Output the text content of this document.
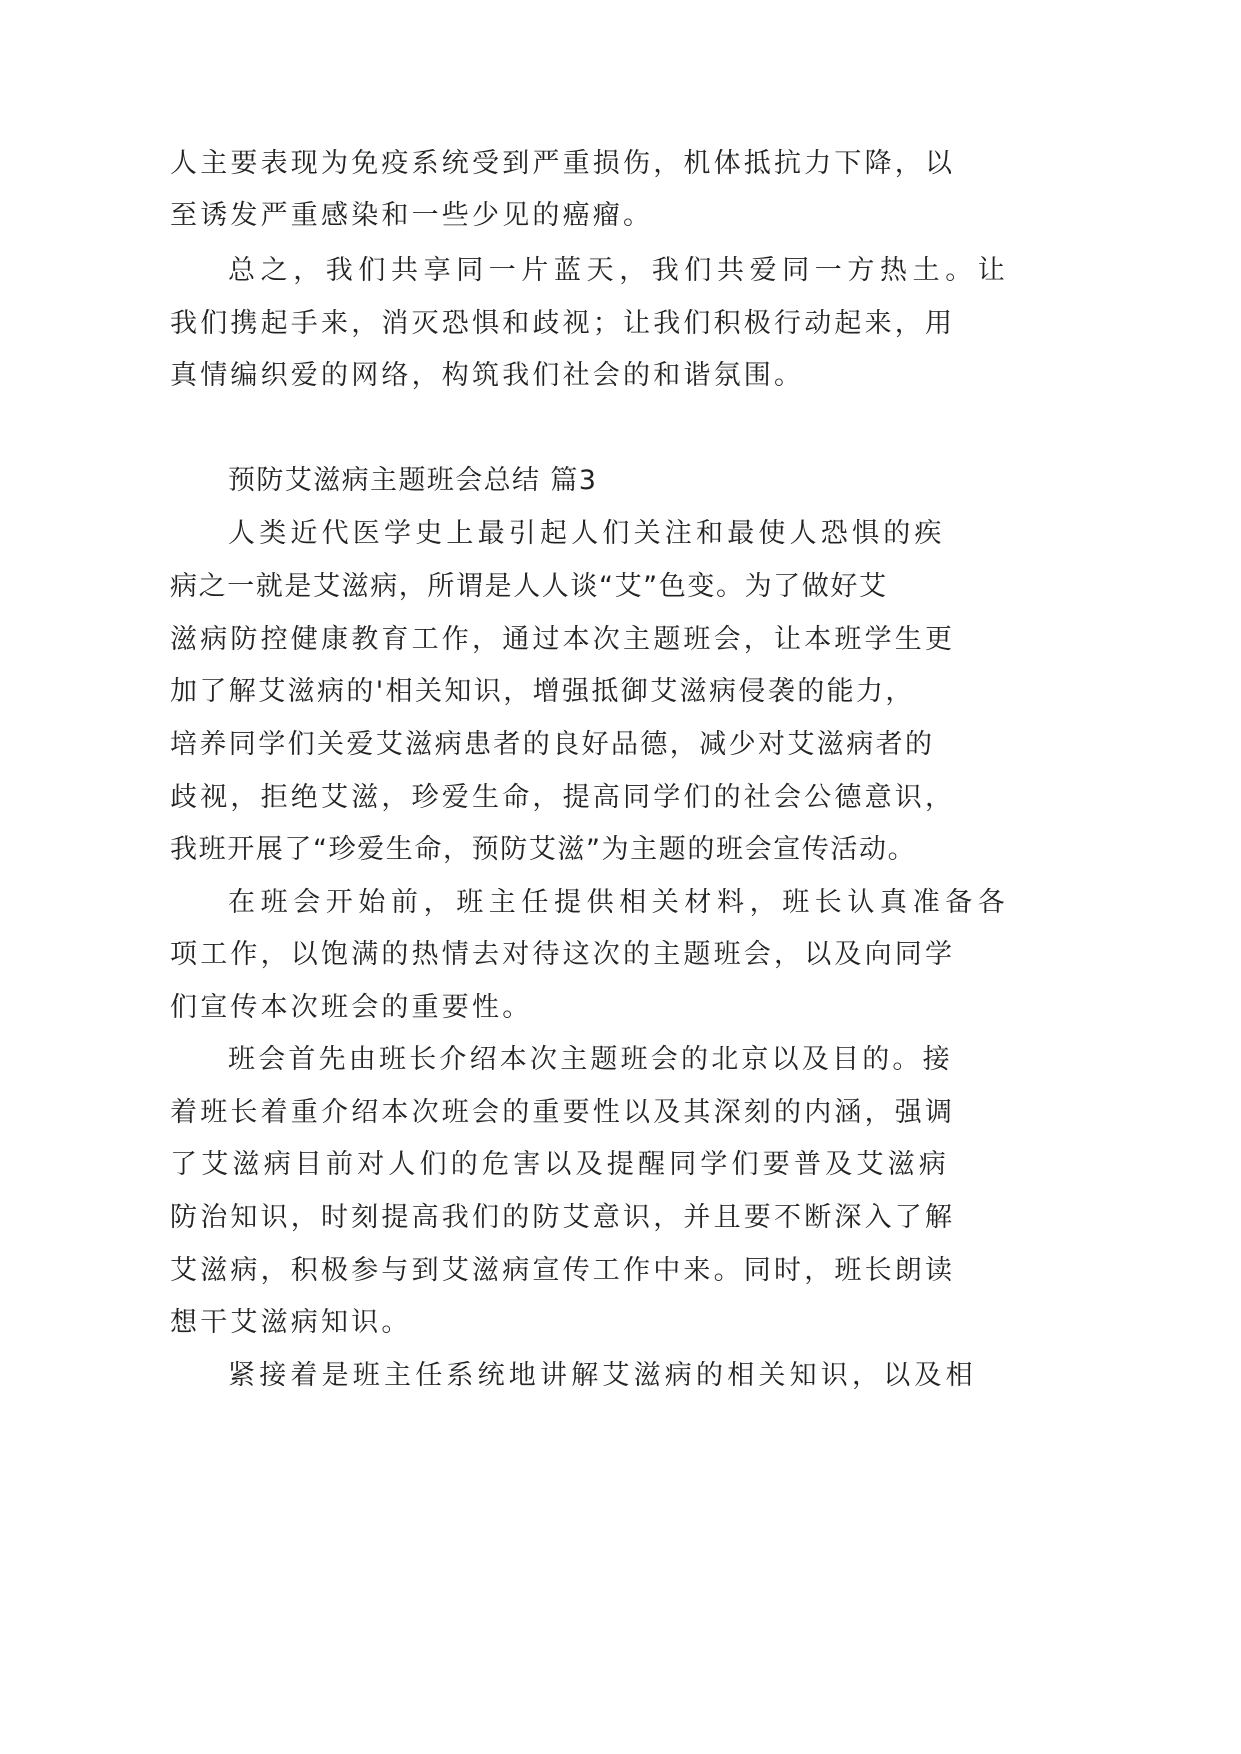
人主要表现为免疫系统受到严重损伤，机体抵抗力下降，以
至诱发严重感染和一些少见的癌瘤。
总之，我们共享同一片蓝天，我们共爱同一方热土。让
我们携起手来，消灭恐惧和歧视；让我们积极行动起来，用
真情编织爱的网络，构筑我们社会的和谐氛围。
预防艾滋病主题班会总结 篇3
人类近代医学史上最引起人们关注和最使人恐惧的疾
病之一就是艾滋病，所谓是人人谈“艾”色变。为了做好艾
滋病防控健康教育工作，通过本次主题班会，让本班学生更
加了解艾滋病的'相关知识，增强抵御艾滋病侵袭的能力，
培养同学们关爱艾滋病患者的良好品德，减少对艾滋病者的
歧视，拒绝艾滋，珍爱生命，提高同学们的社会公德意识，
我班开展了“珍爱生命，预防艾滋”为主题的班会宣传活动。
在班会开始前，班主任提供相关材料，班长认真准备各
项工作，以饱满的热情去对待这次的主题班会，以及向同学
们宣传本次班会的重要性。
班会首先由班长介绍本次主题班会的北京以及目的。接
着班长着重介绍本次班会的重要性以及其深刻的内涵，强调
了艾滋病目前对人们的危害以及提醒同学们要普及艾滋病
防治知识，时刻提高我们的防艾意识，并且要不断深入了解
艾滋病，积极参与到艾滋病宣传工作中来。同时，班长朗读
想干艾滋病知识。
紧接着是班主任系统地讲解艾滋病的相关知识，以及相
